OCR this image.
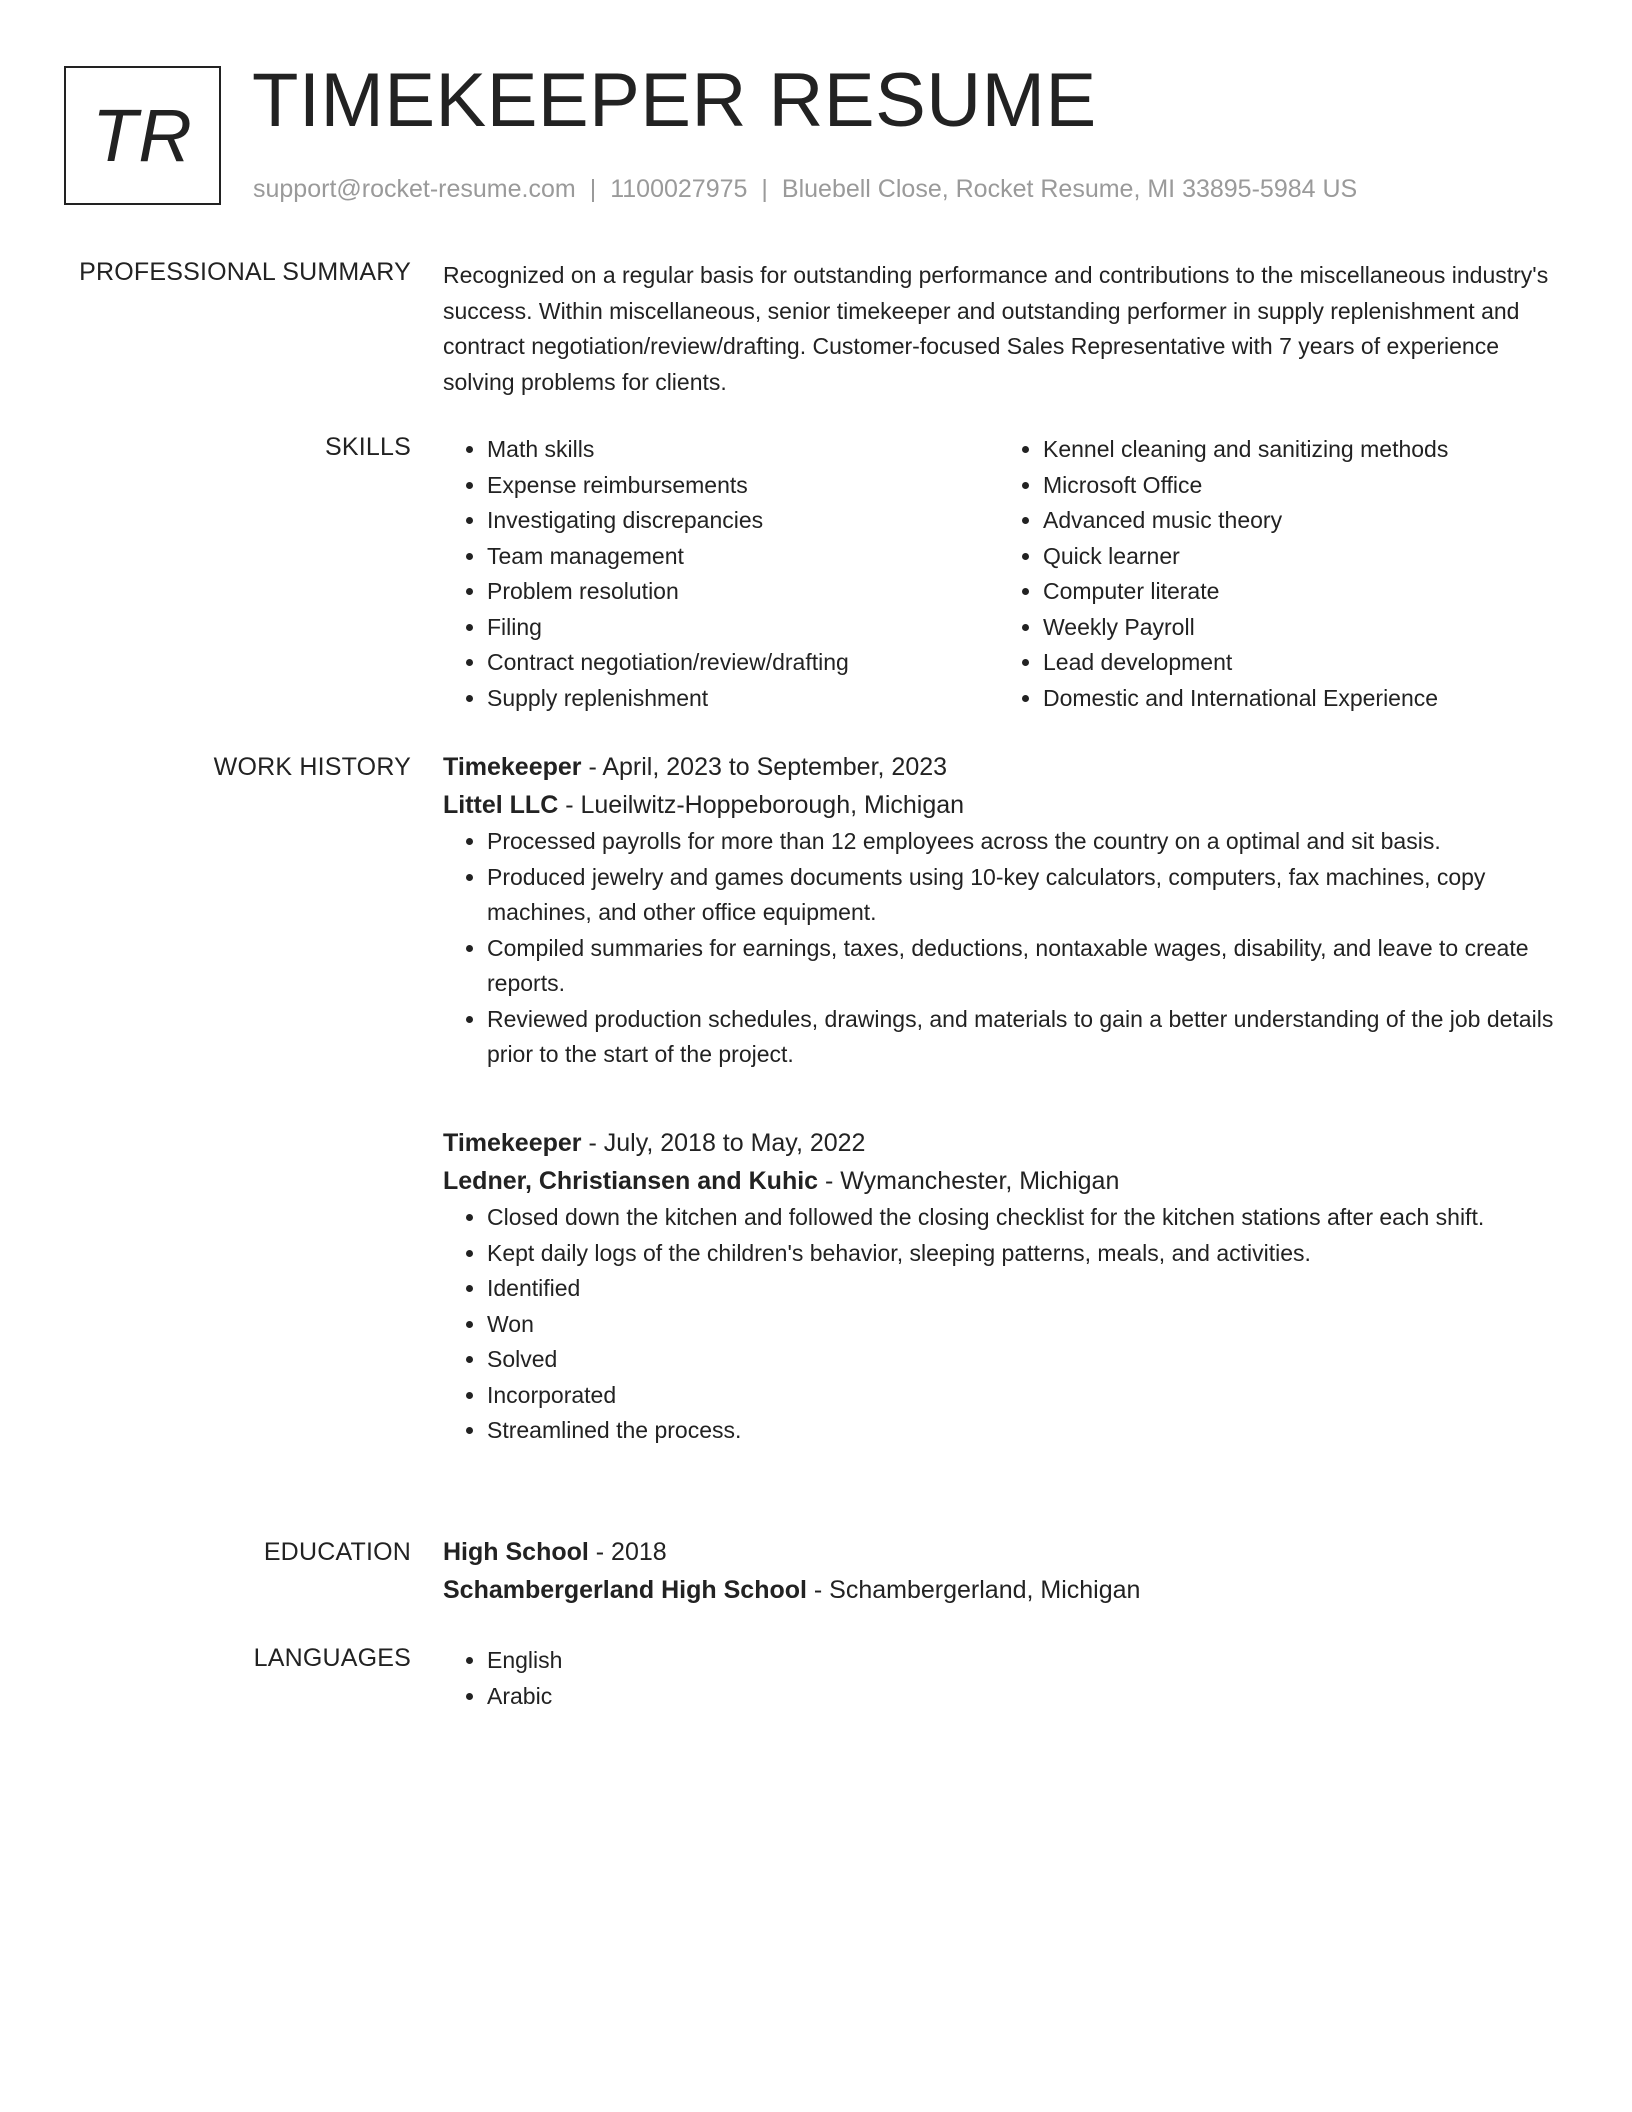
TR TIMEKEEPER RESUME
support@rocket-resume.com | 1100027975 | Bluebell Close, Rocket Resume, MI 33895-5984 US
PROFESSIONAL SUMMARY Recognized on a regular basis for outstanding performance and contributions to the miscellaneous industry's success. Within miscellaneous, senior timekeeper and outstanding performer in supply replenishment and contract negotiation/review/drafting. Customer-focused Sales Representative with 7 years of experience solving problems for clients.
SKILLS	• Math skills
• Expense reimbursements
• Investigating discrepancies
• Team management
• Problem resolution
• Filing
• Contract negotiation/review/drafting
• Supply replenishment
• Kennel cleaning and sanitizing methods
• Microsoft Office
• Advanced music theory
• Quick learner
• Computer literate
• Weekly Payroll
• Lead development
• Domestic and International Experience
WORK HISTORY Timekeeper - April, 2023 to September, 2023
Littel LLC - Lueilwitz-Hoppeborough, Michigan
• Processed payrolls for more than 12 employees across the country on a optimal and sit basis.
• Produced jewelry and games documents using 10-key calculators, computers, fax machines, copy machines, and other office equipment.
• Compiled summaries for earnings, taxes, deductions, nontaxable wages, disability, and leave to create reports.
• Reviewed production schedules, drawings, and materials to gain a better understanding of the job details prior to the start of the project.
Timekeeper - July, 2018 to May, 2022
Ledner, Christiansen and Kuhic - Wymanchester, Michigan
• Closed down the kitchen and followed the closing checklist for the kitchen stations after each shift.
• Kept daily logs of the children's behavior, sleeping patterns, meals, and activities.
• Identified
• Won
• Solved
• Incorporated
• Streamlined the process.
EDUCATION High School - 2018
Schambergerland High School - Schambergerland, Michigan
LANGUAGES	• English
• Arabic
